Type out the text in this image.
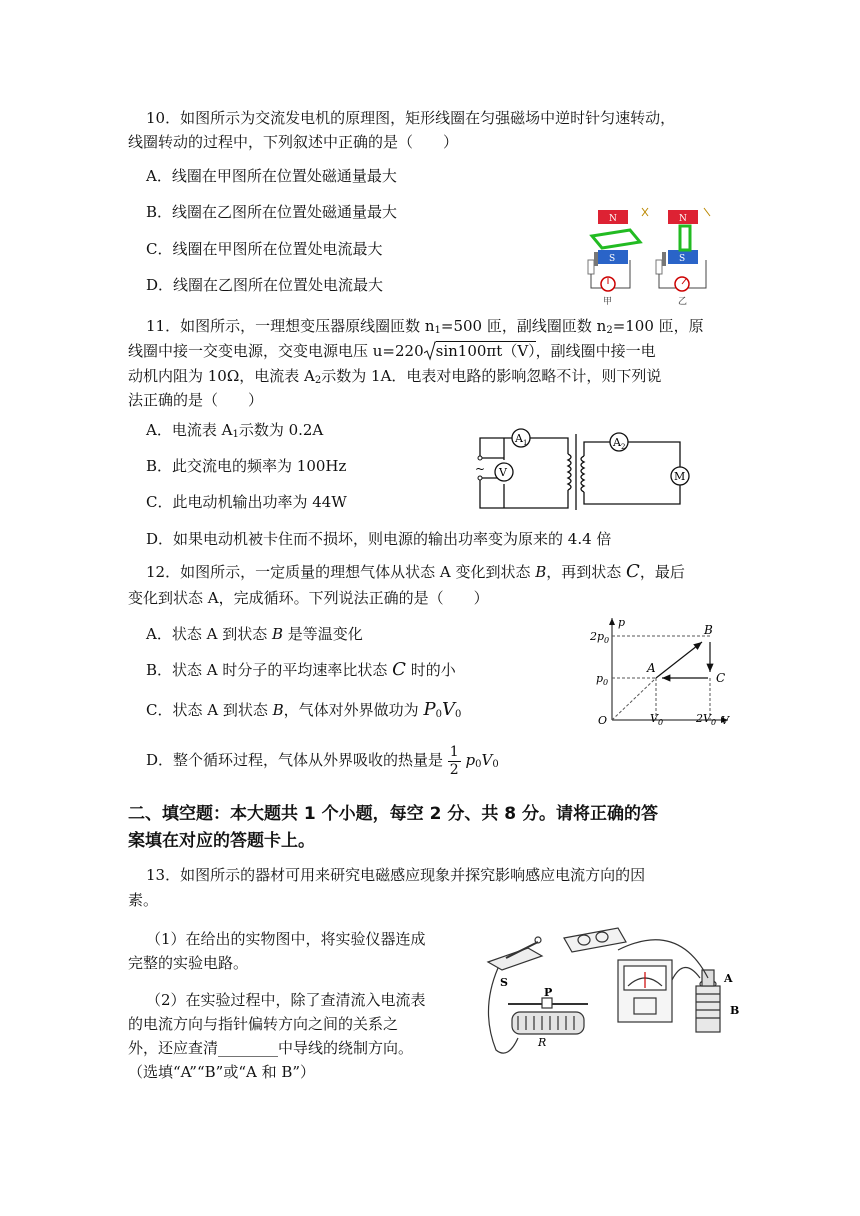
10．如图所示为交流发电机的原理图，矩形线圈在匀强磁场中逆时针匀速转动，
线圈转动的过程中，下列叙述中正确的是（　　）
A．线圈在甲图所在位置处磁通量最大
B．线圈在乙图所在位置处磁通量最大
C．线圈在甲图所在位置处电流最大
D．线圈在乙图所在位置处电流最大
N
S
甲
N
S
乙
11．如图所示，一理想变压器原线圈匝数 $n_1=500$ 匝，副线圈匝数 $n_2=100$ 匝，原
线圈中接一交变电源，交变电源电压 u=220 sin100πt（V），副线圈中接一电
动机内阻为 10Ω，电流表 $A_2$示数为 1A．电表对电路的影响忽略不计，则下列说
法正确的是（　　）
A．电流表 $A_1$示数为 0.2A
B．此交流电的频率为 100Hz
C．此电动机输出功率为 44W
D．如果电动机被卡住而不损坏，则电源的输出功率变为原来的 4.4 倍
~ V
$A_1$	$A_2$
M
12．如图所示，一定质量的理想气体从状态 A 变化到状态 B，再到状态 C，最后
变化到状态 A，完成循环。下列说法正确的是（　　）
A．状态 A 到状态 B 是等温变化
B．状态 A 时分子的平均速率比状态 C 时的小
C．状态 A 到状态 B，气体对外界做功为 $P_0V_0$
D．整个循环过程，气体从外界吸收的热量是 $\frac{1}{2} p_0V_0$
p
V
O
$2p_0$
$p_0$
$V_0$	$2V_0$
A
B
C
二、填空题：本大题共 1 个小题，每空 2 分、共 8 分。请将正确的答
案填在对应的答题卡上。
13．如图所示的器材可用来研究电磁感应现象并探究影响感应电流方向的因
素。
（1）在给出的实物图中，将实验仪器连成
完整的实验电路。
（2）在实验过程中，除了查清流入电流表
的电流方向与指针偏转方向之间的关系之
外，还应查清________中导线的绕制方向。
（选填“A”“B”或“A 和 B”）
S
P
R
A
B
